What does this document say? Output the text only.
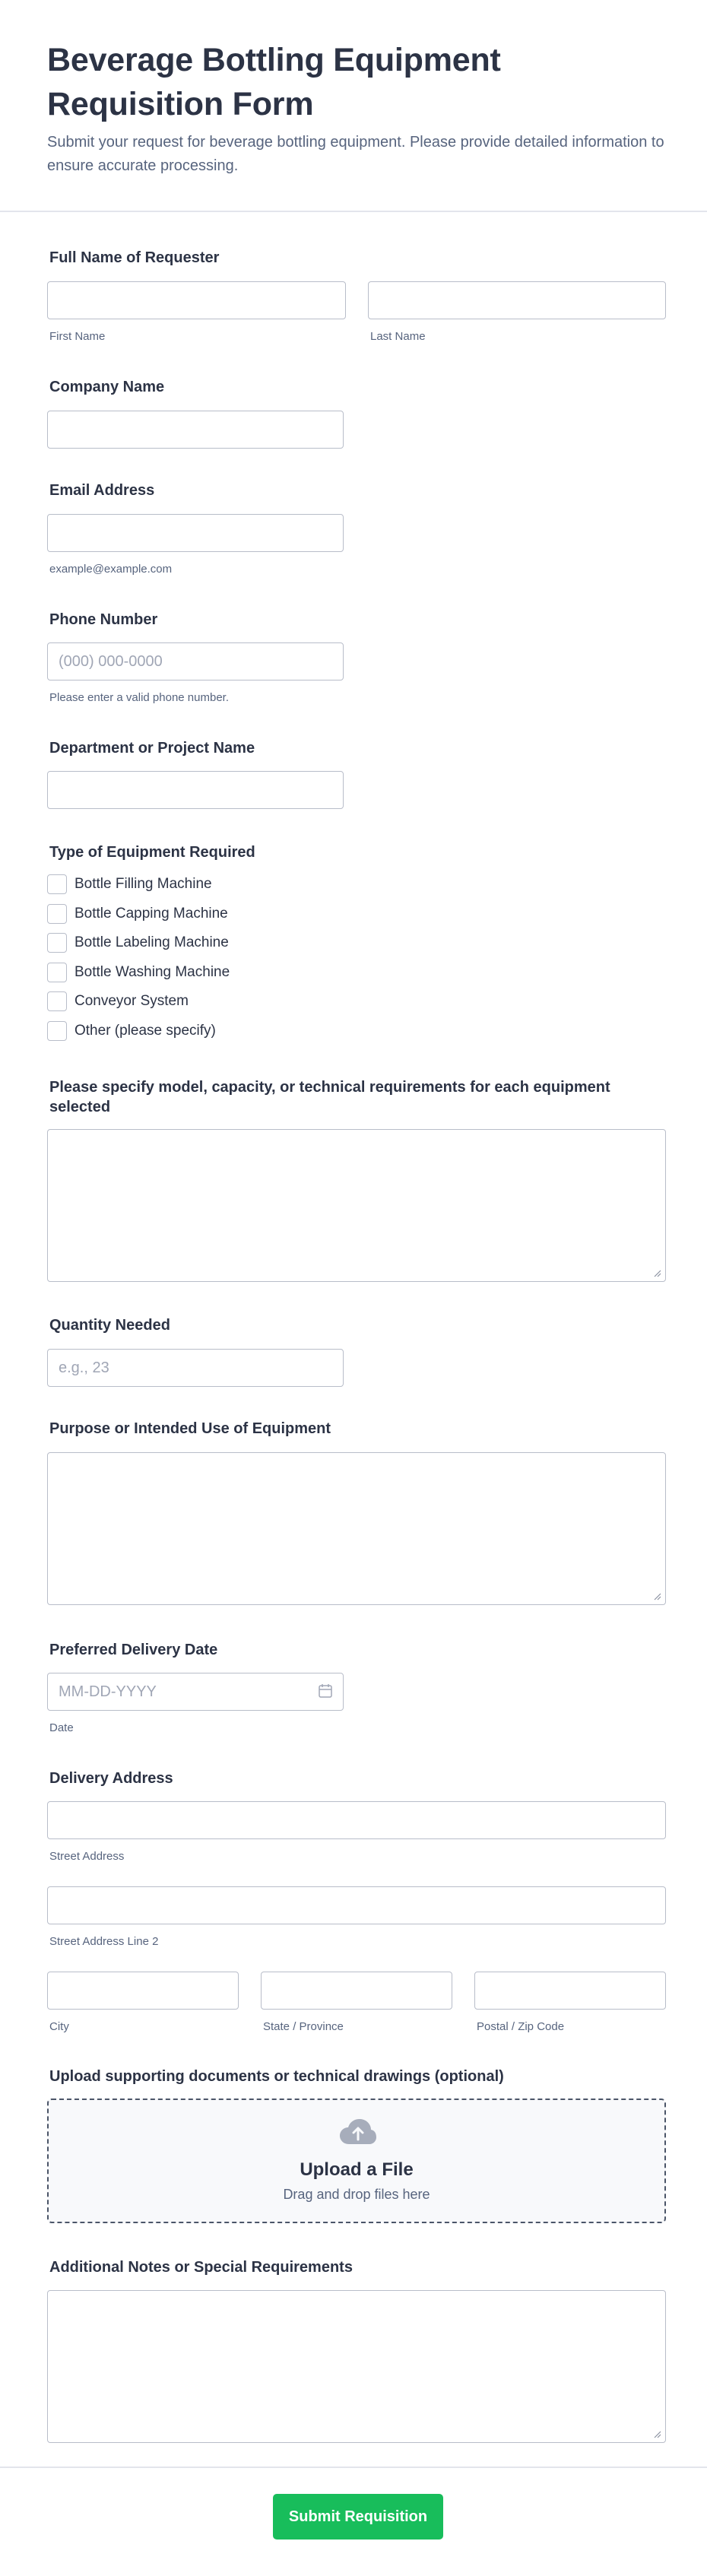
Beverage Bottling Equipment Requisition Form

Submit your request for beverage bottling equipment. Please provide detailed information to ensure accurate processing.

Full Name of Requester
First Name	Last Name
Company Name
Email Address
example@example.com
Phone Number
(000) 000-0000
Please enter a valid phone number.
Department or Project Name
Type of Equipment Required
Bottle Filling Machine
Bottle Capping Machine
Bottle Labeling Machine
Bottle Washing Machine
Conveyor System
Other (please specify)
Please specify model, capacity, or technical requirements for each equipment selected
Quantity Needed
e.g., 23
Purpose or Intended Use of Equipment
Preferred Delivery Date
MM-DD-YYYY
Date
Delivery Address
Street Address
Street Address Line 2
City	State / Province	Postal / Zip Code
Upload supporting documents or technical drawings (optional)
Upload a File
Drag and drop files here
Additional Notes or Special Requirements
Submit Requisition
